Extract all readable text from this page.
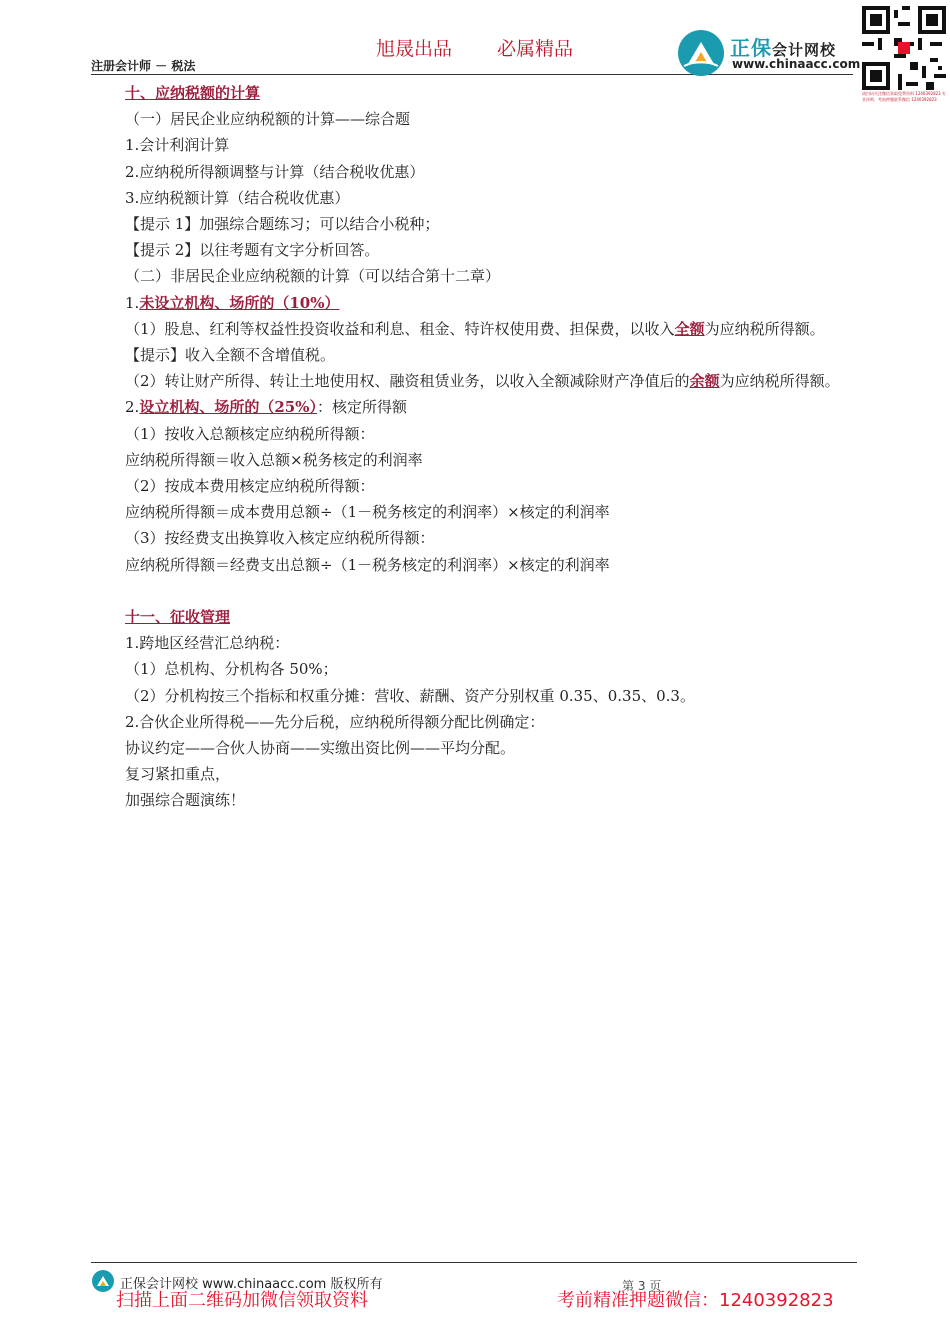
旭晟出品 必属精品
注册会计师 － 税法
正保会计网校
www.chinaacc.com
请扫码关注微信获取免费资料 1240392823 专业讲师，考前押题联系微信 1240392823
十、应纳税额的计算
（一）居民企业应纳税额的计算——综合题
1.会计利润计算
2.应纳税所得额调整与计算（结合税收优惠）
3.应纳税额计算（结合税收优惠）
【提示 1】加强综合题练习；可以结合小税种；
【提示 2】以往考题有文字分析回答。
（二）非居民企业应纳税额的计算（可以结合第十二章）
1.未设立机构、场所的（10%）
（1）股息、红利等权益性投资收益和利息、租金、特许权使用费、担保费，以收入全额为应纳税所得额。
【提示】收入全额不含增值税。
（2）转让财产所得、转让土地使用权、融资租赁业务，以收入全额减除财产净值后的余额为应纳税所得额。
2.设立机构、场所的（25%）：核定所得额
（1）按收入总额核定应纳税所得额：
应纳税所得额＝收入总额×税务核定的利润率
（2）按成本费用核定应纳税所得额：
应纳税所得额＝成本费用总额÷（1－税务核定的利润率）×核定的利润率
（3）按经费支出换算收入核定应纳税所得额：
应纳税所得额＝经费支出总额÷（1－税务核定的利润率）×核定的利润率
十一、征收管理
1.跨地区经营汇总纳税：
（1）总机构、分机构各 50%；
（2）分机构按三个指标和权重分摊：营收、薪酬、资产分别权重 0.35、0.35、0.3。
2.合伙企业所得税——先分后税，应纳税所得额分配比例确定：
协议约定——合伙人协商——实缴出资比例——平均分配。
复习紧扣重点，
加强综合题演练！
正保会计网校 www.chinaacc.com 版权所有	第 3 页
扫描上面二维码加微信领取资料	考前精准押题微信：1240392823
